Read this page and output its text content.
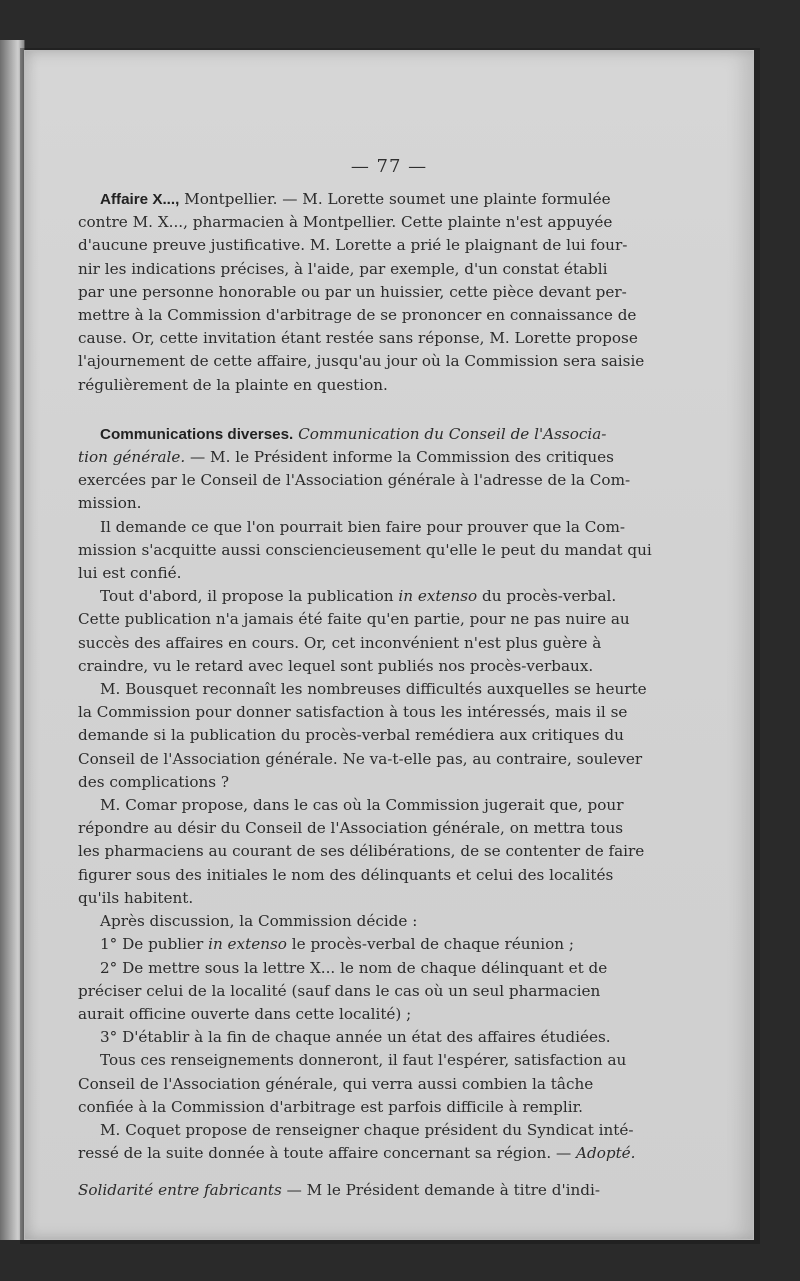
— 77 —
Affaire X..., Montpellier. — M. Lorette soumet une plainte formulée
contre M. X..., pharmacien à Montpellier. Cette plainte n'est appuyée
d'aucune preuve justificative. M. Lorette a prié le plaignant de lui four-
nir les indications précises, à l'aide, par exemple, d'un constat établi
par une personne honorable ou par un huissier, cette pièce devant per-
mettre à la Commission d'arbitrage de se prononcer en connaissance de
cause. Or, cette invitation étant restée sans réponse, M. Lorette propose
l'ajournement de cette affaire, jusqu'au jour où la Commission sera saisie
régulièrement de la plainte en question.
Communications diverses. Communication du Conseil de l'Associa-
tion générale. — M. le Président informe la Commission des critiques
exercées par le Conseil de l'Association générale à l'adresse de la Com-
mission.
Il demande ce que l'on pourrait bien faire pour prouver que la Com-
mission s'acquitte aussi consciencieusement qu'elle le peut du mandat qui
lui est confié.
Tout d'abord, il propose la publication in extenso du procès-verbal.
Cette publication n'a jamais été faite qu'en partie, pour ne pas nuire au
succès des affaires en cours. Or, cet inconvénient n'est plus guère à
craindre, vu le retard avec lequel sont publiés nos procès-verbaux.
M. Bousquet reconnaît les nombreuses difficultés auxquelles se heurte
la Commission pour donner satisfaction à tous les intéressés, mais il se
demande si la publication du procès-verbal remédiera aux critiques du
Conseil de l'Association générale. Ne va-t-elle pas, au contraire, soulever
des complications ?
M. Comar propose, dans le cas où la Commission jugerait que, pour
répondre au désir du Conseil de l'Association générale, on mettra tous
les pharmaciens au courant de ses délibérations, de se contenter de faire
figurer sous des initiales le nom des délinquants et celui des localités
qu'ils habitent.
Après discussion, la Commission décide :
1° De publier in extenso le procès-verbal de chaque réunion ;
2° De mettre sous la lettre X... le nom de chaque délinquant et de
préciser celui de la localité (sauf dans le cas où un seul pharmacien
aurait officine ouverte dans cette localité) ;
3° D'établir à la fin de chaque année un état des affaires étudiées.
Tous ces renseignements donneront, il faut l'espérer, satisfaction au
Conseil de l'Association générale, qui verra aussi combien la tâche
confiée à la Commission d'arbitrage est parfois difficile à remplir.
M. Coquet propose de renseigner chaque président du Syndicat inté-
ressé de la suite donnée à toute affaire concernant sa région. — Adopté.
Solidarité entre fabricants — M le Président demande à titre d'indi-
